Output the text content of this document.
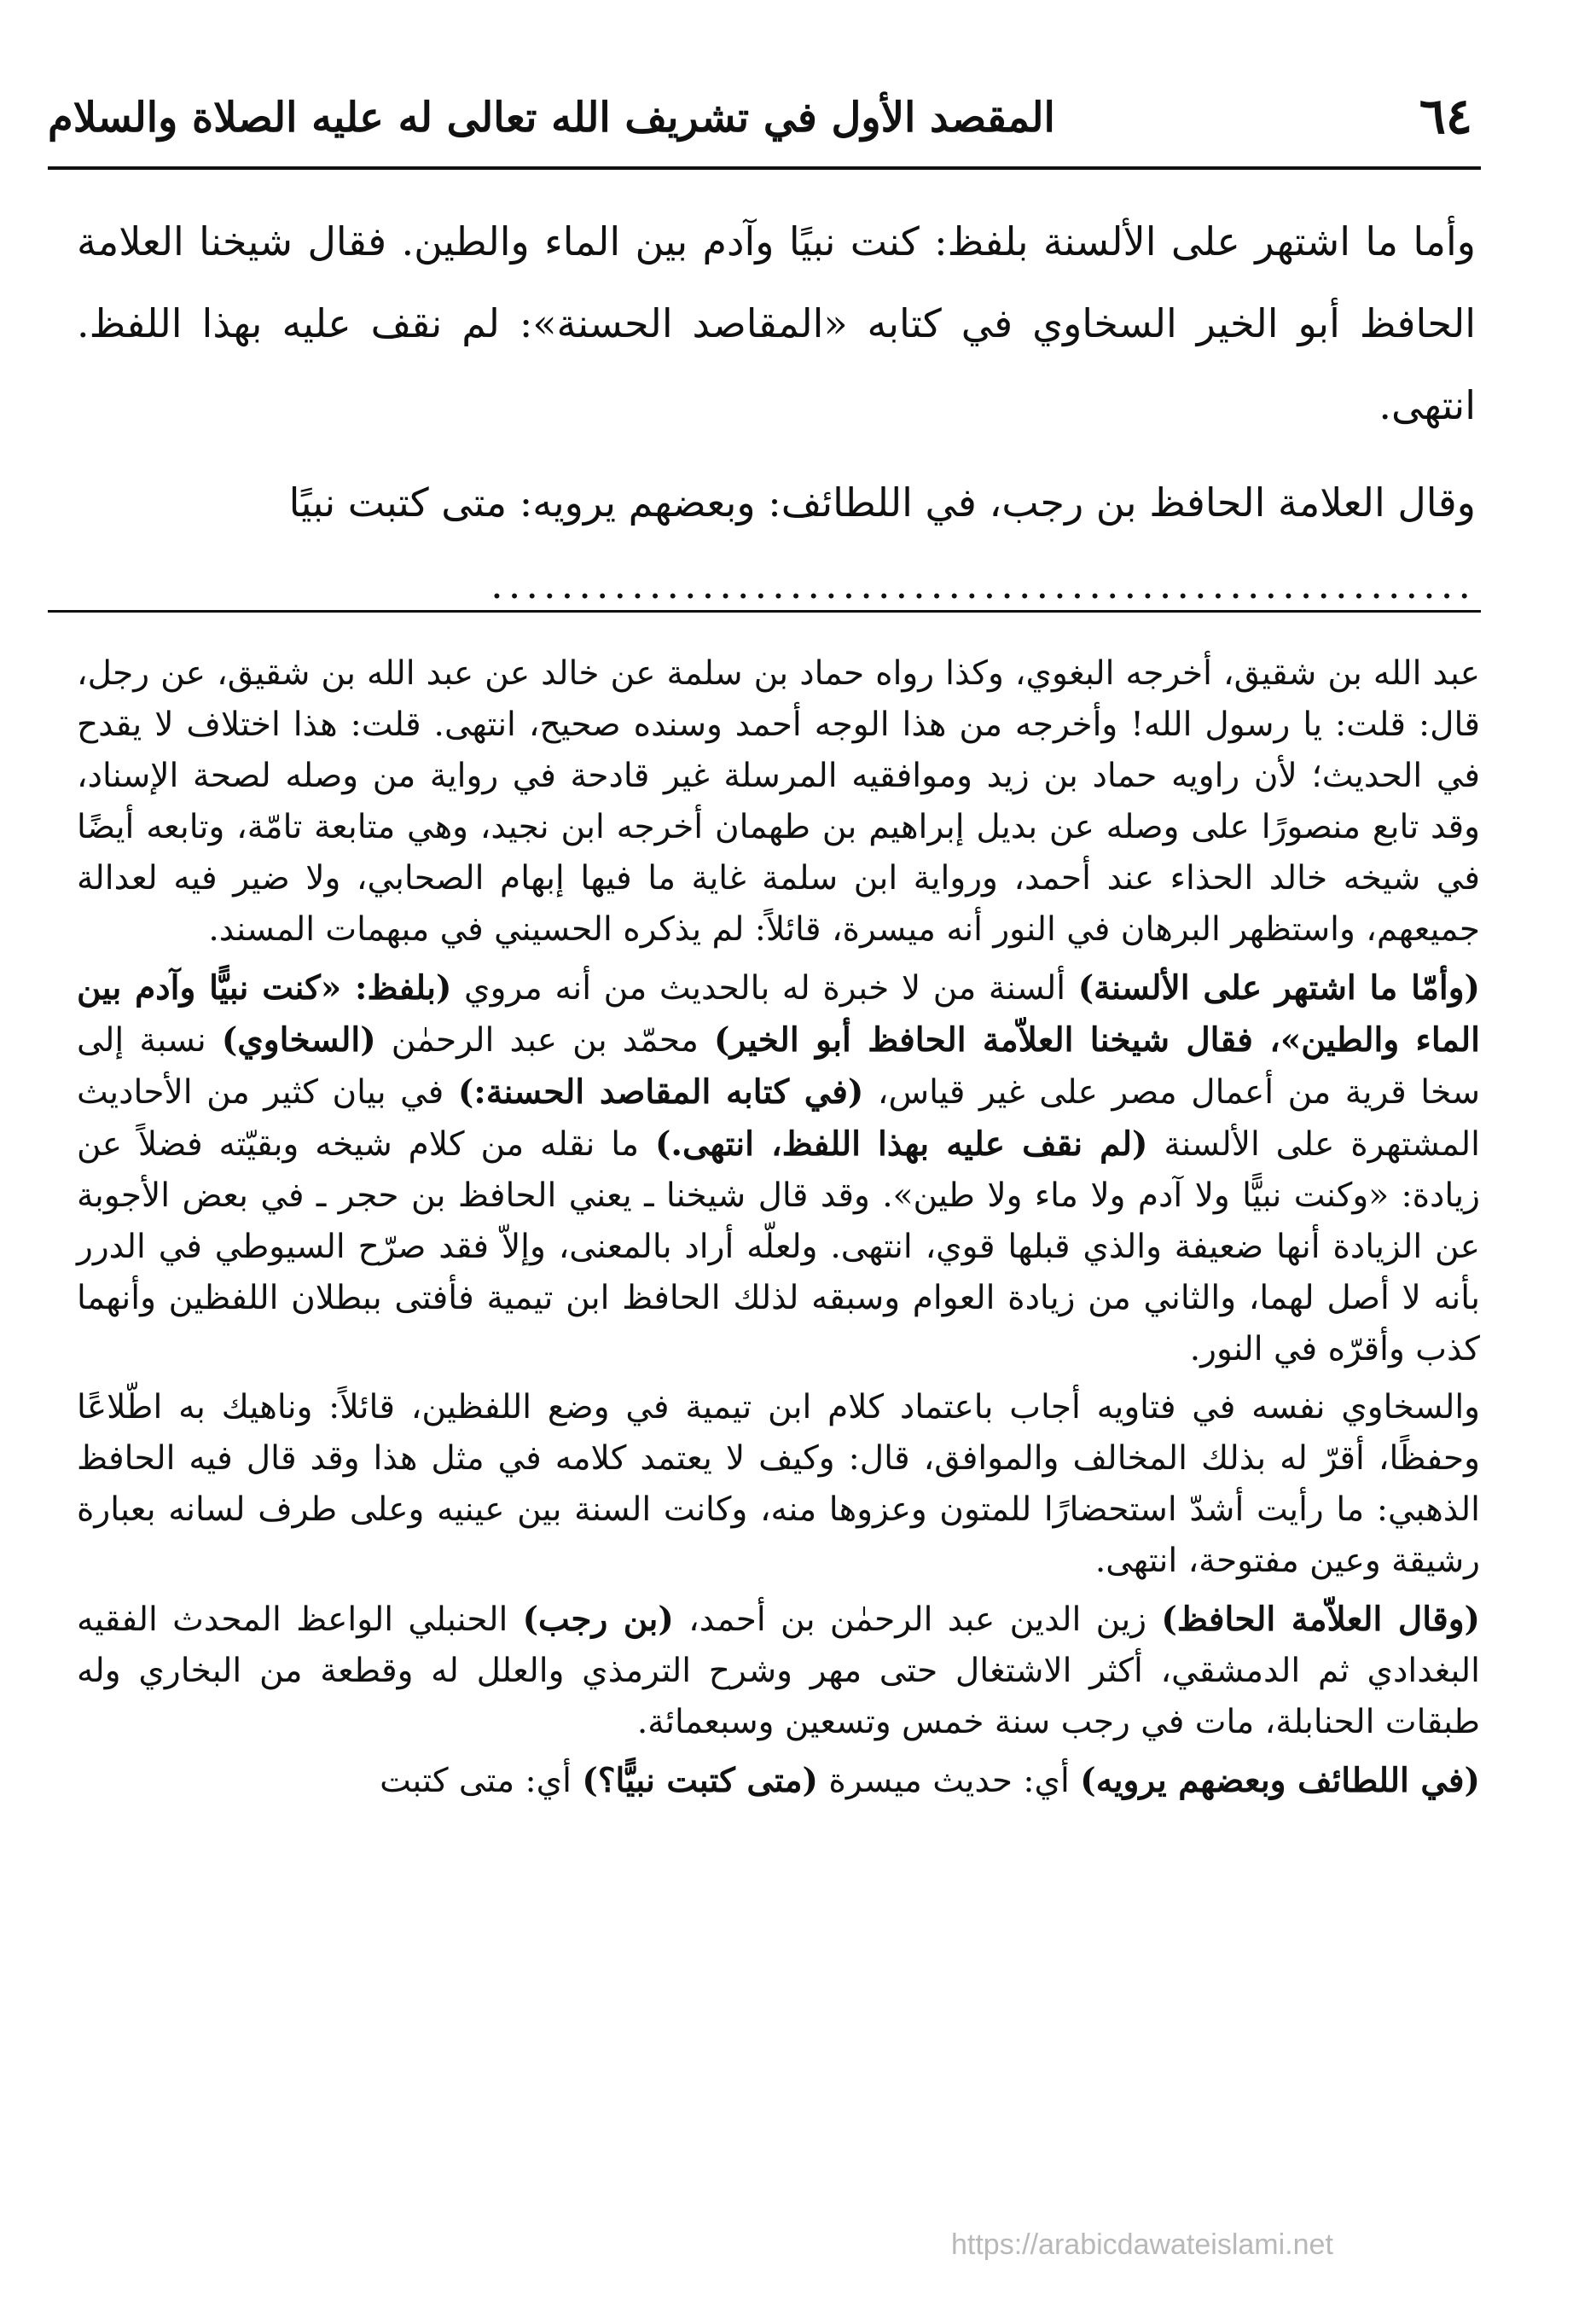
٦٤
المقصد الأول في تشريف الله تعالى له عليه الصلاة والسلام

وأما ما اشتهر على الألسنة بلفظ: كنت نبيًا وآدم بين الماء والطين. فقال شيخنا العلامة الحافظ أبو الخير السخاوي في كتابه «المقاصد الحسنة»: لم نقف عليه بهذا اللفظ. انتهى.

وقال العلامة الحافظ بن رجب، في اللطائف: وبعضهم يرويه: متى كتبت نبيًا
........................................................

عبد الله بن شقيق، أخرجه البغوي، وكذا رواه حماد بن سلمة عن خالد عن عبد الله بن شقيق، عن رجل، قال: قلت: يا رسول الله! وأخرجه من هذا الوجه أحمد وسنده صحيح، انتهى. قلت: هذا اختلاف لا يقدح في الحديث؛ لأن راويه حماد بن زيد وموافقيه المرسلة غير قادحة في رواية من وصله لصحة الإسناد، وقد تابع منصورًا على وصله عن بديل إبراهيم بن طهمان أخرجه ابن نجيد، وهي متابعة تامّة، وتابعه أيضًا في شيخه خالد الحذاء عند أحمد، ورواية ابن سلمة غاية ما فيها إبهام الصحابي، ولا ضير فيه لعدالة جميعهم، واستظهر البرهان في النور أنه ميسرة، قائلاً: لم يذكره الحسيني في مبهمات المسند.

(وأمّا ما اشتهر على الألسنة) ألسنة من لا خبرة له بالحديث من أنه مروي (بلفظ: «كنت نبيًّا وآدم بين الماء والطين»، فقال شيخنا العلاّمة الحافظ أبو الخير) محمّد بن عبد الرحمٰن (السخاوي) نسبة إلى سخا قرية من أعمال مصر على غير قياس، (في كتابه المقاصد الحسنة:) في بيان كثير من الأحاديث المشتهرة على الألسنة (لم نقف عليه بهذا اللفظ، انتهى.) ما نقله من كلام شيخه وبقيّته فضلاً عن زيادة: «وكنت نبيًّا ولا آدم ولا ماء ولا طين». وقد قال شيخنا ـ يعني الحافظ بن حجر ـ في بعض الأجوبة عن الزيادة أنها ضعيفة والذي قبلها قوي، انتهى. ولعلّه أراد بالمعنى، وإلاّ فقد صرّح السيوطي في الدرر بأنه لا أصل لهما، والثاني من زيادة العوام وسبقه لذلك الحافظ ابن تيمية فأفتى ببطلان اللفظين وأنهما كذب وأقرّه في النور.

والسخاوي نفسه في فتاويه أجاب باعتماد كلام ابن تيمية في وضع اللفظين، قائلاً: وناهيك به اطّلاعًا وحفظًا، أقرّ له بذلك المخالف والموافق، قال: وكيف لا يعتمد كلامه في مثل هذا وقد قال فيه الحافظ الذهبي: ما رأيت أشدّ استحضارًا للمتون وعزوها منه، وكانت السنة بين عينيه وعلى طرف لسانه بعبارة رشيقة وعين مفتوحة، انتهى.

(وقال العلاّمة الحافظ) زين الدين عبد الرحمٰن بن أحمد، (بن رجب) الحنبلي الواعظ المحدث الفقيه البغدادي ثم الدمشقي، أكثر الاشتغال حتى مهر وشرح الترمذي والعلل له وقطعة من البخاري وله طبقات الحنابلة، مات في رجب سنة خمس وتسعين وسبعمائة.

(في اللطائف وبعضهم يرويه) أي: حديث ميسرة (متى كتبت نبيًّا؟) أي: متى كتبت

https://arabicdawateislami.net
